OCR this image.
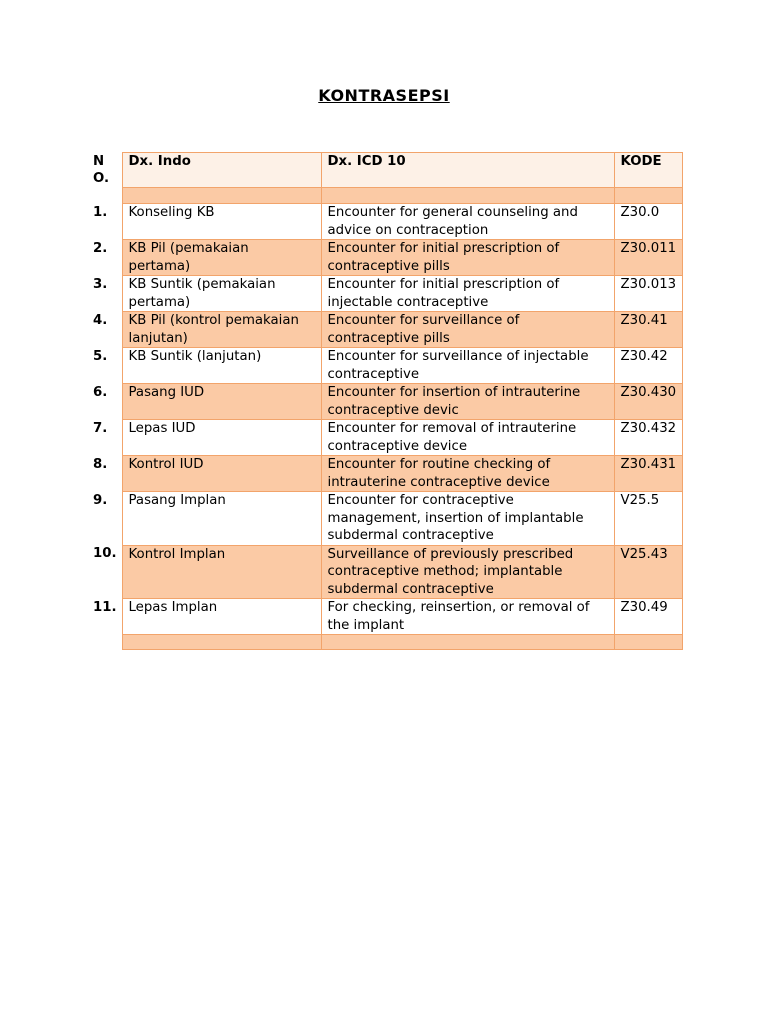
KONTRASEPSI
N O.	Dx. Indo	Dx. ICD 10	KODE

1.	Konseling KB	Encounter for general counseling and advice on contraception	Z30.0
2.	KB Pil (pemakaian pertama)	Encounter for initial prescription of contraceptive pills	Z30.011
3.	KB Suntik (pemakaian pertama)	Encounter for initial prescription of injectable contraceptive	Z30.013
4.	KB Pil (kontrol pemakaian lanjutan)	Encounter for surveillance of contraceptive pills	Z30.41
5.	KB Suntik (lanjutan)	Encounter for surveillance of injectable contraceptive	Z30.42
6.	Pasang IUD	Encounter for insertion of intrauterine contraceptive devic	Z30.430
7.	Lepas IUD	Encounter for removal of intrauterine contraceptive device	Z30.432
8.	Kontrol IUD	Encounter for routine checking of intrauterine contraceptive device	Z30.431
9.	Pasang Implan	Encounter for contraceptive management, insertion of implantable subdermal contraceptive	V25.5
10.	Kontrol Implan	Surveillance of previously prescribed contraceptive method; implantable subdermal contraceptive	V25.43
11.	Lepas Implan	For checking, reinsertion, or removal of the implant	Z30.49
